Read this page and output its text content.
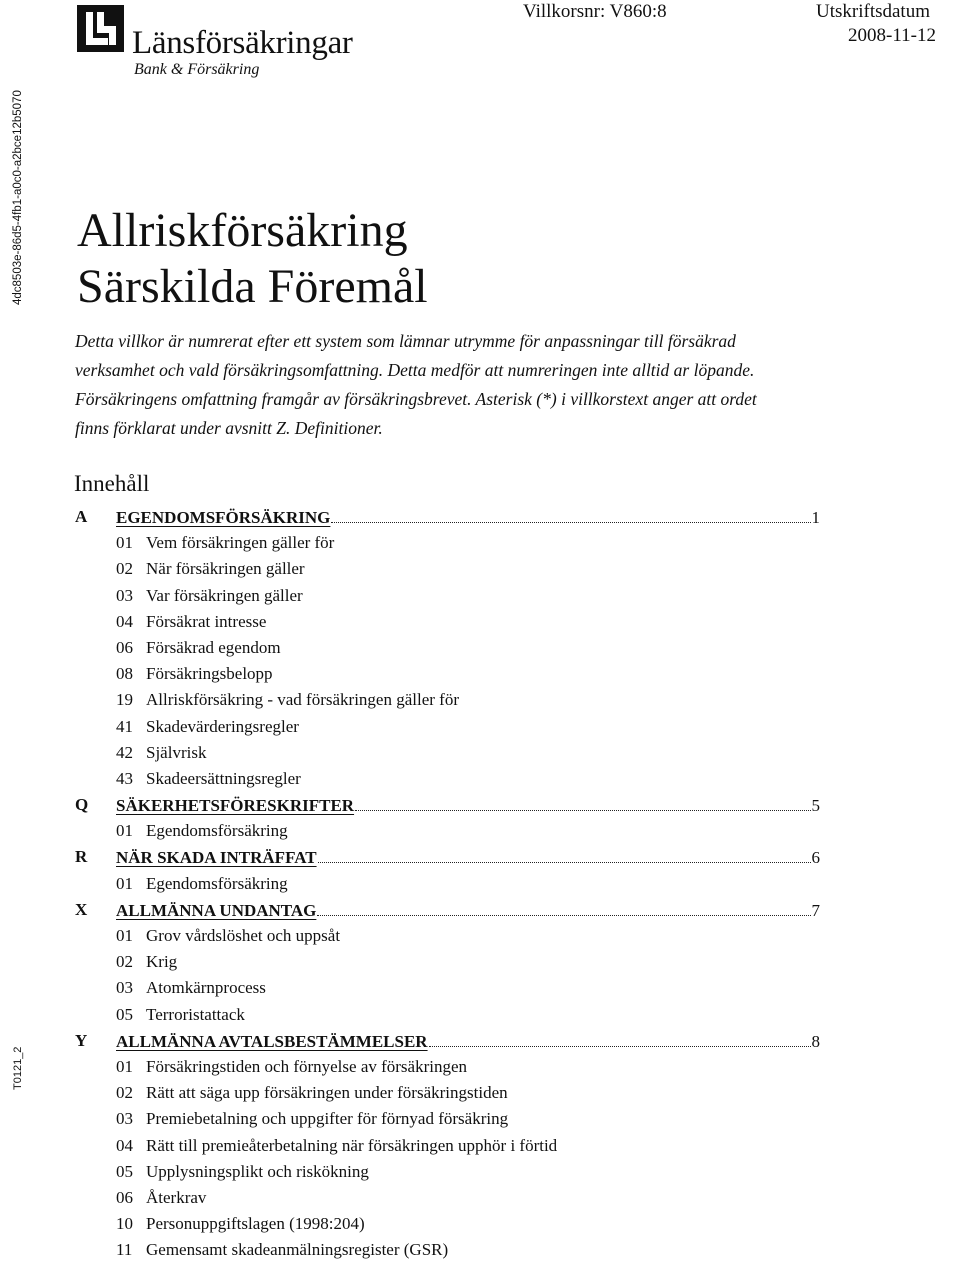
Länsförsäkringar
Bank & Försäkring
Villkorsnr: V860:8	Utskriftsdatum
2008-11-12
4dc8503e-86d5-4fb1-a0c0-a2bce12b5070
T0121_2
Allriskförsäkring
Särskilda Föremål
Detta villkor är numrerat efter ett system som lämnar utrymme för anpassningar till försäkrad
verksamhet och vald försäkringsomfattning. Detta medför att numreringen inte alltid ar löpande.
Försäkringens omfattning framgår av försäkringsbrevet. Asterisk (*) i villkorstext anger att ordet
finns förklarat under avsnitt Z. Definitioner.
Innehåll
A EGENDOMSFÖRSÄKRING	1
01 Vem försäkringen gäller för
02 När försäkringen gäller
03 Var försäkringen gäller
04 Försäkrat intresse
06 Försäkrad egendom
08 Försäkringsbelopp
19 Allriskförsäkring - vad försäkringen gäller för
41 Skadevärderingsregler
42 Självrisk
43 Skadeersättningsregler
Q SÄKERHETSFÖRESKRIFTER	5
01 Egendomsförsäkring
R NÄR SKADA INTRÄFFAT	6
01 Egendomsförsäkring
X ALLMÄNNA UNDANTAG	7
01 Grov vårdslöshet och uppsåt
02 Krig
03 Atomkärnprocess
05 Terroristattack
Y ALLMÄNNA AVTALSBESTÄMMELSER	8
01 Försäkringstiden och förnyelse av försäkringen
02 Rätt att säga upp försäkringen under försäkringstiden
03 Premiebetalning och uppgifter för förnyad försäkring
04 Rätt till premieåterbetalning när försäkringen upphör i förtid
05 Upplysningsplikt och riskökning
06 Återkrav
10 Personuppgiftslagen (1998:204)
11 Gemensamt skadeanmälningsregister (GSR)
